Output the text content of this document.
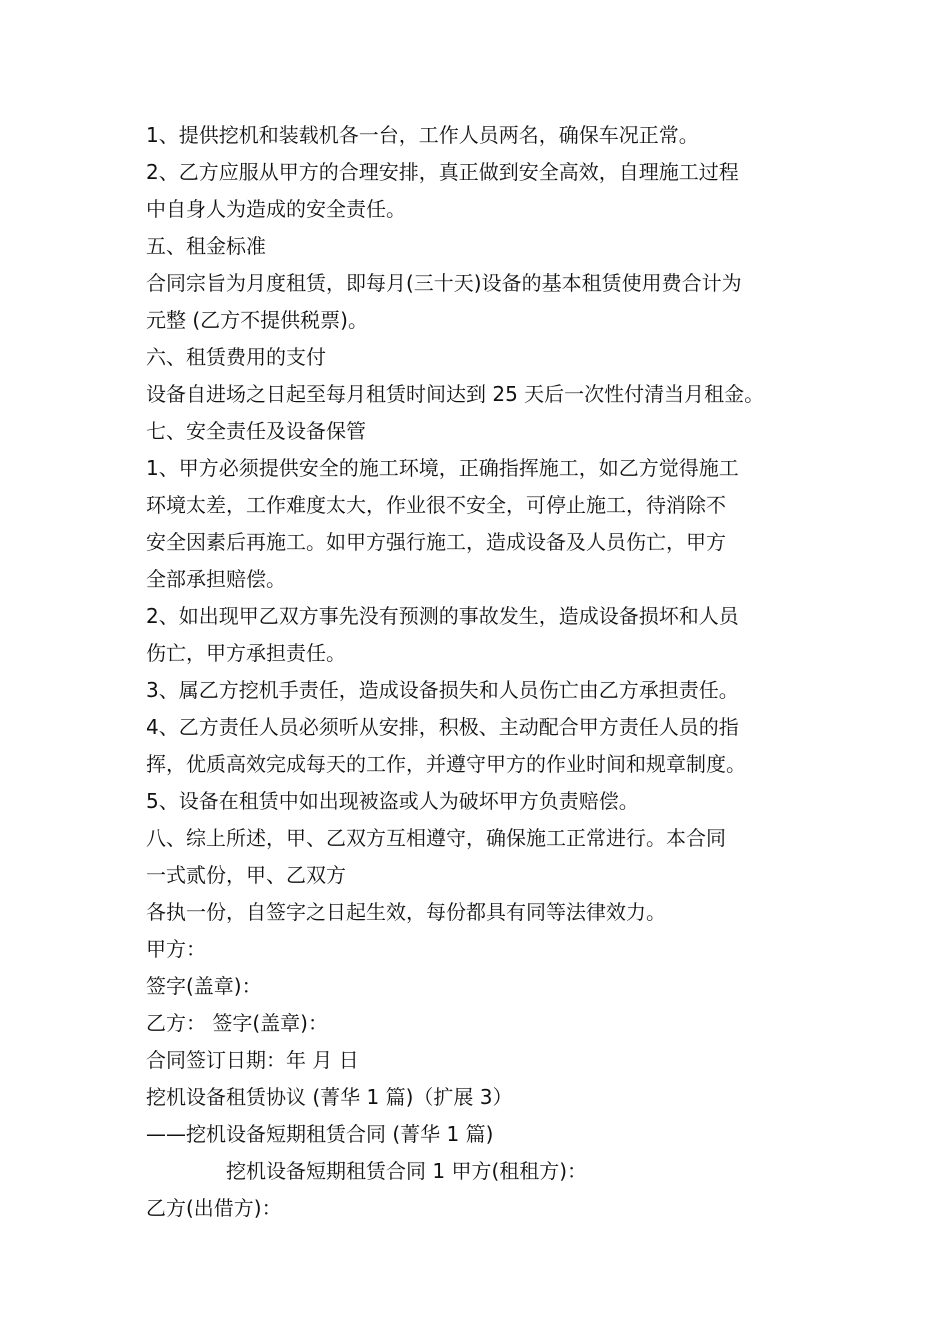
1、提供挖机和装载机各一台，工作人员两名，确保车况正常。
2、乙方应服从甲方的合理安排，真正做到安全高效，自理施工过程
中自身人为造成的安全责任。
五、租金标准
合同宗旨为月度租赁，即每月(三十天)设备的基本租赁使用费合计为
元整 (乙方不提供税票)。
六、租赁费用的支付
设备自进场之日起至每月租赁时间达到 25 天后一次性付清当月租金。
七、安全责任及设备保管
1、甲方必须提供安全的施工环境，正确指挥施工，如乙方觉得施工
环境太差，工作难度太大，作业很不安全，可停止施工，待消除不
安全因素后再施工。如甲方强行施工，造成设备及人员伤亡，甲方
全部承担赔偿。
2、如出现甲乙双方事先没有预测的事故发生，造成设备损坏和人员
伤亡，甲方承担责任。
3、属乙方挖机手责任，造成设备损失和人员伤亡由乙方承担责任。
4、乙方责任人员必须听从安排，积极、主动配合甲方责任人员的指
挥，优质高效完成每天的工作，并遵守甲方的作业时间和规章制度。
5、设备在租赁中如出现被盗或人为破坏甲方负责赔偿。
八、综上所述，甲、乙双方互相遵守，确保施工正常进行。本合同
一式贰份，甲、乙双方
各执一份，自签字之日起生效，每份都具有同等法律效力。
甲方：
签字(盖章)：
乙方： 签字(盖章)：
合同签订日期：年 月 日
挖机设备租赁协议 (菁华 1 篇)（扩展 3）
——挖机设备短期租赁合同 (菁华 1 篇)
挖机设备短期租赁合同 1 甲方(租租方)：
乙方(出借方)：
